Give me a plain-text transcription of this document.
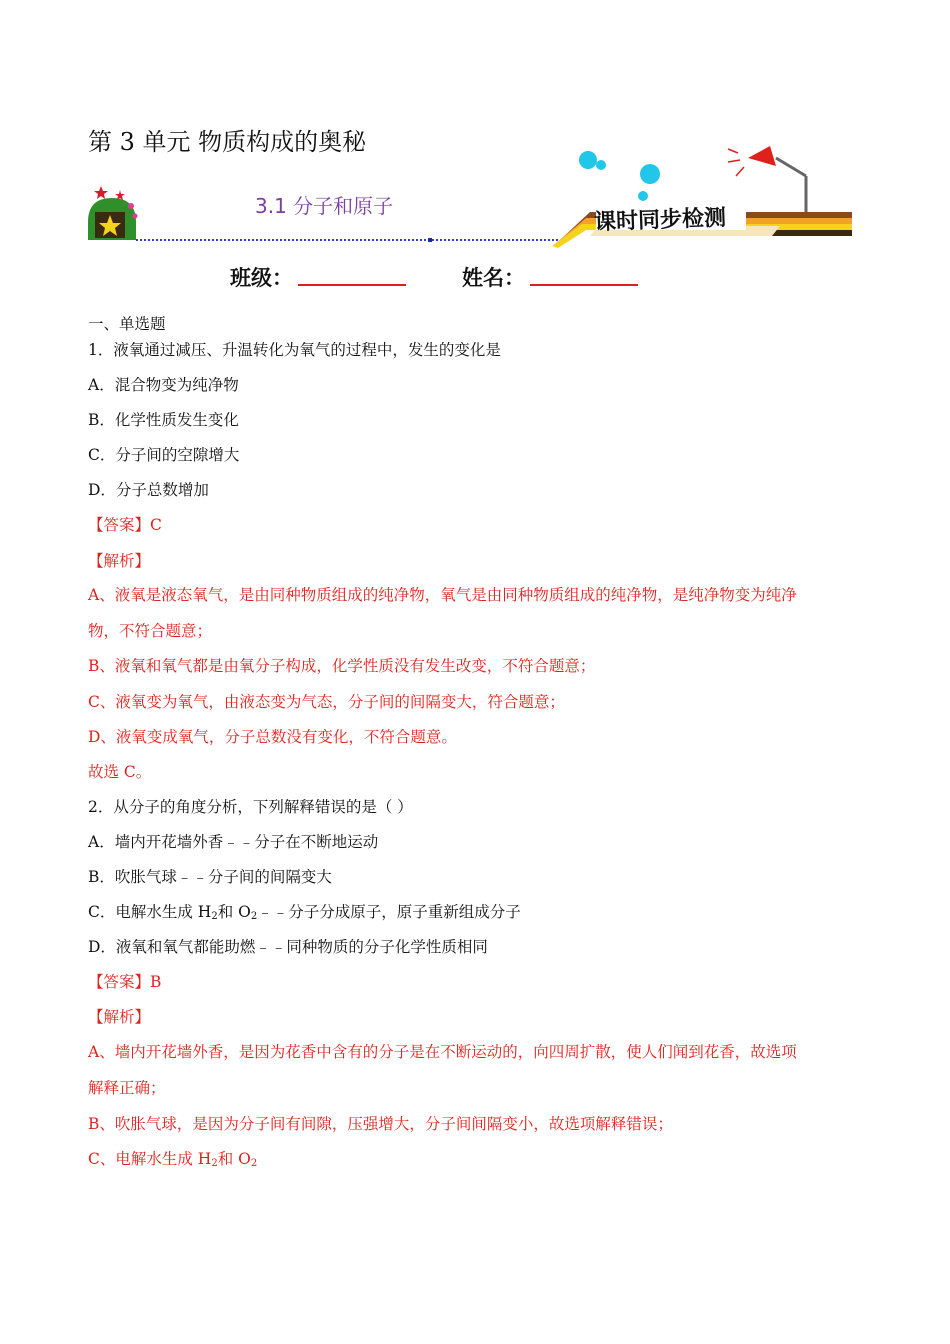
第 3 单元 物质构成的奥秘
3.1 分子和原子	课时同步检测
班级：	姓名：
一、单选题
1．液氧通过减压、升温转化为氧气的过程中，发生的变化是
A．混合物变为纯净物
B．化学性质发生变化
C．分子间的空隙增大
D．分子总数增加
【答案】C
【解析】
A、液氧是液态氧气，是由同种物质组成的纯净物，氧气是由同种物质组成的纯净物，是纯净物变为纯净
物，不符合题意；
B、液氧和氧气都是由氧分子构成，化学性质没有发生改变，不符合题意；
C、液氧变为氧气，由液态变为气态，分子间的间隔变大，符合题意；
D、液氧变成氧气，分子总数没有变化，不符合题意。
故选 C。
2．从分子的角度分析，下列解释错误的是（ ）
A．墙内开花墙外香﹣﹣分子在不断地运动
B．吹胀气球﹣﹣分子间的间隔变大
C．电解水生成 $H_2$和 $O_2﹣﹣$分子分成原子，原子重新组成分子
D．液氧和氧气都能助燃﹣﹣同种物质的分子化学性质相同
【答案】B
【解析】
A、墙内开花墙外香，是因为花香中含有的分子是在不断运动的，向四周扩散，使人们闻到花香，故选项
解释正确；
B、吹胀气球，是因为分子间有间隙，压强增大，分子间间隔变小，故选项解释错误；
C、电解水生成 $H_2$和 $O_2$
